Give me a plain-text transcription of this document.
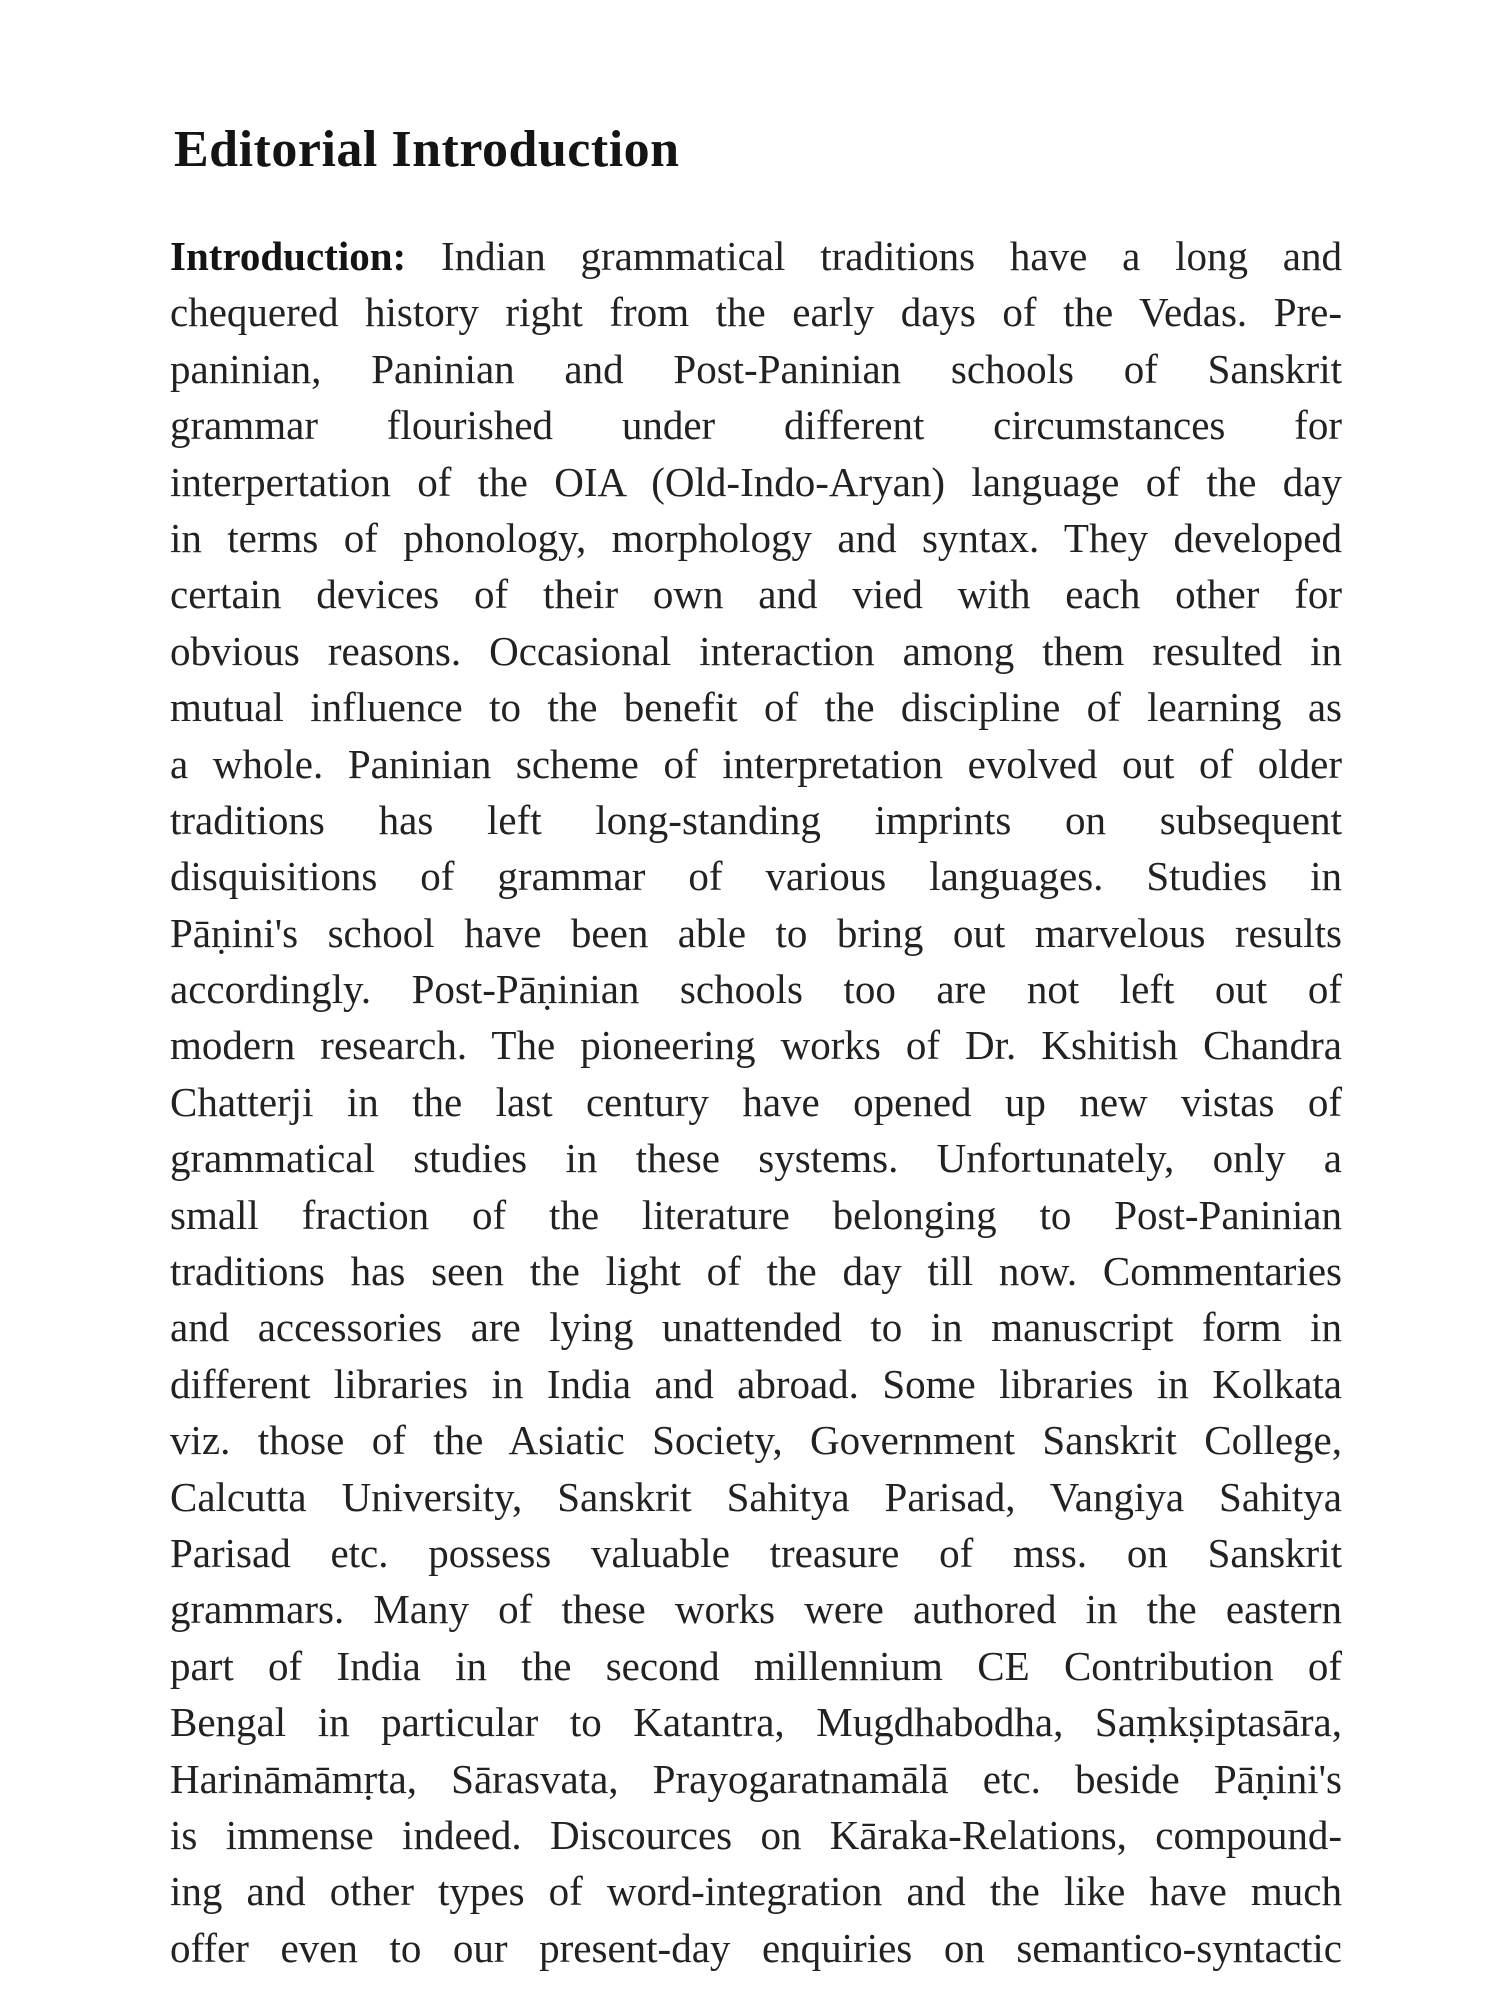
Editorial Introduction
Introduction: Indian grammatical traditions have a long and
chequered history right from the early days of the Vedas. Pre-
paninian, Paninian and Post-Paninian schools of Sanskrit
grammar flourished under different circumstances for
interpertation of the OIA (Old-Indo-Aryan) language of the day
in terms of phonology, morphology and syntax. They developed
certain devices of their own and vied with each other for
obvious reasons. Occasional interaction among them resulted in
mutual influence to the benefit of the discipline of learning as
a whole. Paninian scheme of interpretation evolved out of older
traditions has left long-standing imprints on subsequent
disquisitions of grammar of various languages. Studies in
Pāṇini's school have been able to bring out marvelous results
accordingly. Post-Pāṇinian schools too are not left out of
modern research. The pioneering works of Dr. Kshitish Chandra
Chatterji in the last century have opened up new vistas of
grammatical studies in these systems. Unfortunately, only a
small fraction of the literature belonging to Post-Paninian
traditions has seen the light of the day till now. Commentaries
and accessories are lying unattended to in manuscript form in
different libraries in India and abroad. Some libraries in Kolkata
viz. those of the Asiatic Society, Government Sanskrit College,
Calcutta University, Sanskrit Sahitya Parisad, Vangiya Sahitya
Parisad etc. possess valuable treasure of mss. on Sanskrit
grammars. Many of these works were authored in the eastern
part of India in the second millennium CE Contribution of
Bengal in particular to Katantra, Mugdhabodha, Saṃkṣiptasāra,
Harināmāmṛta, Sārasvata, Prayogaratnamālā etc. beside Pāṇini's
is immense indeed. Discources on Kāraka-Relations, compound-
ing and other types of word-integration and the like have much
offer even to our present-day enquiries on semantico-syntactic
